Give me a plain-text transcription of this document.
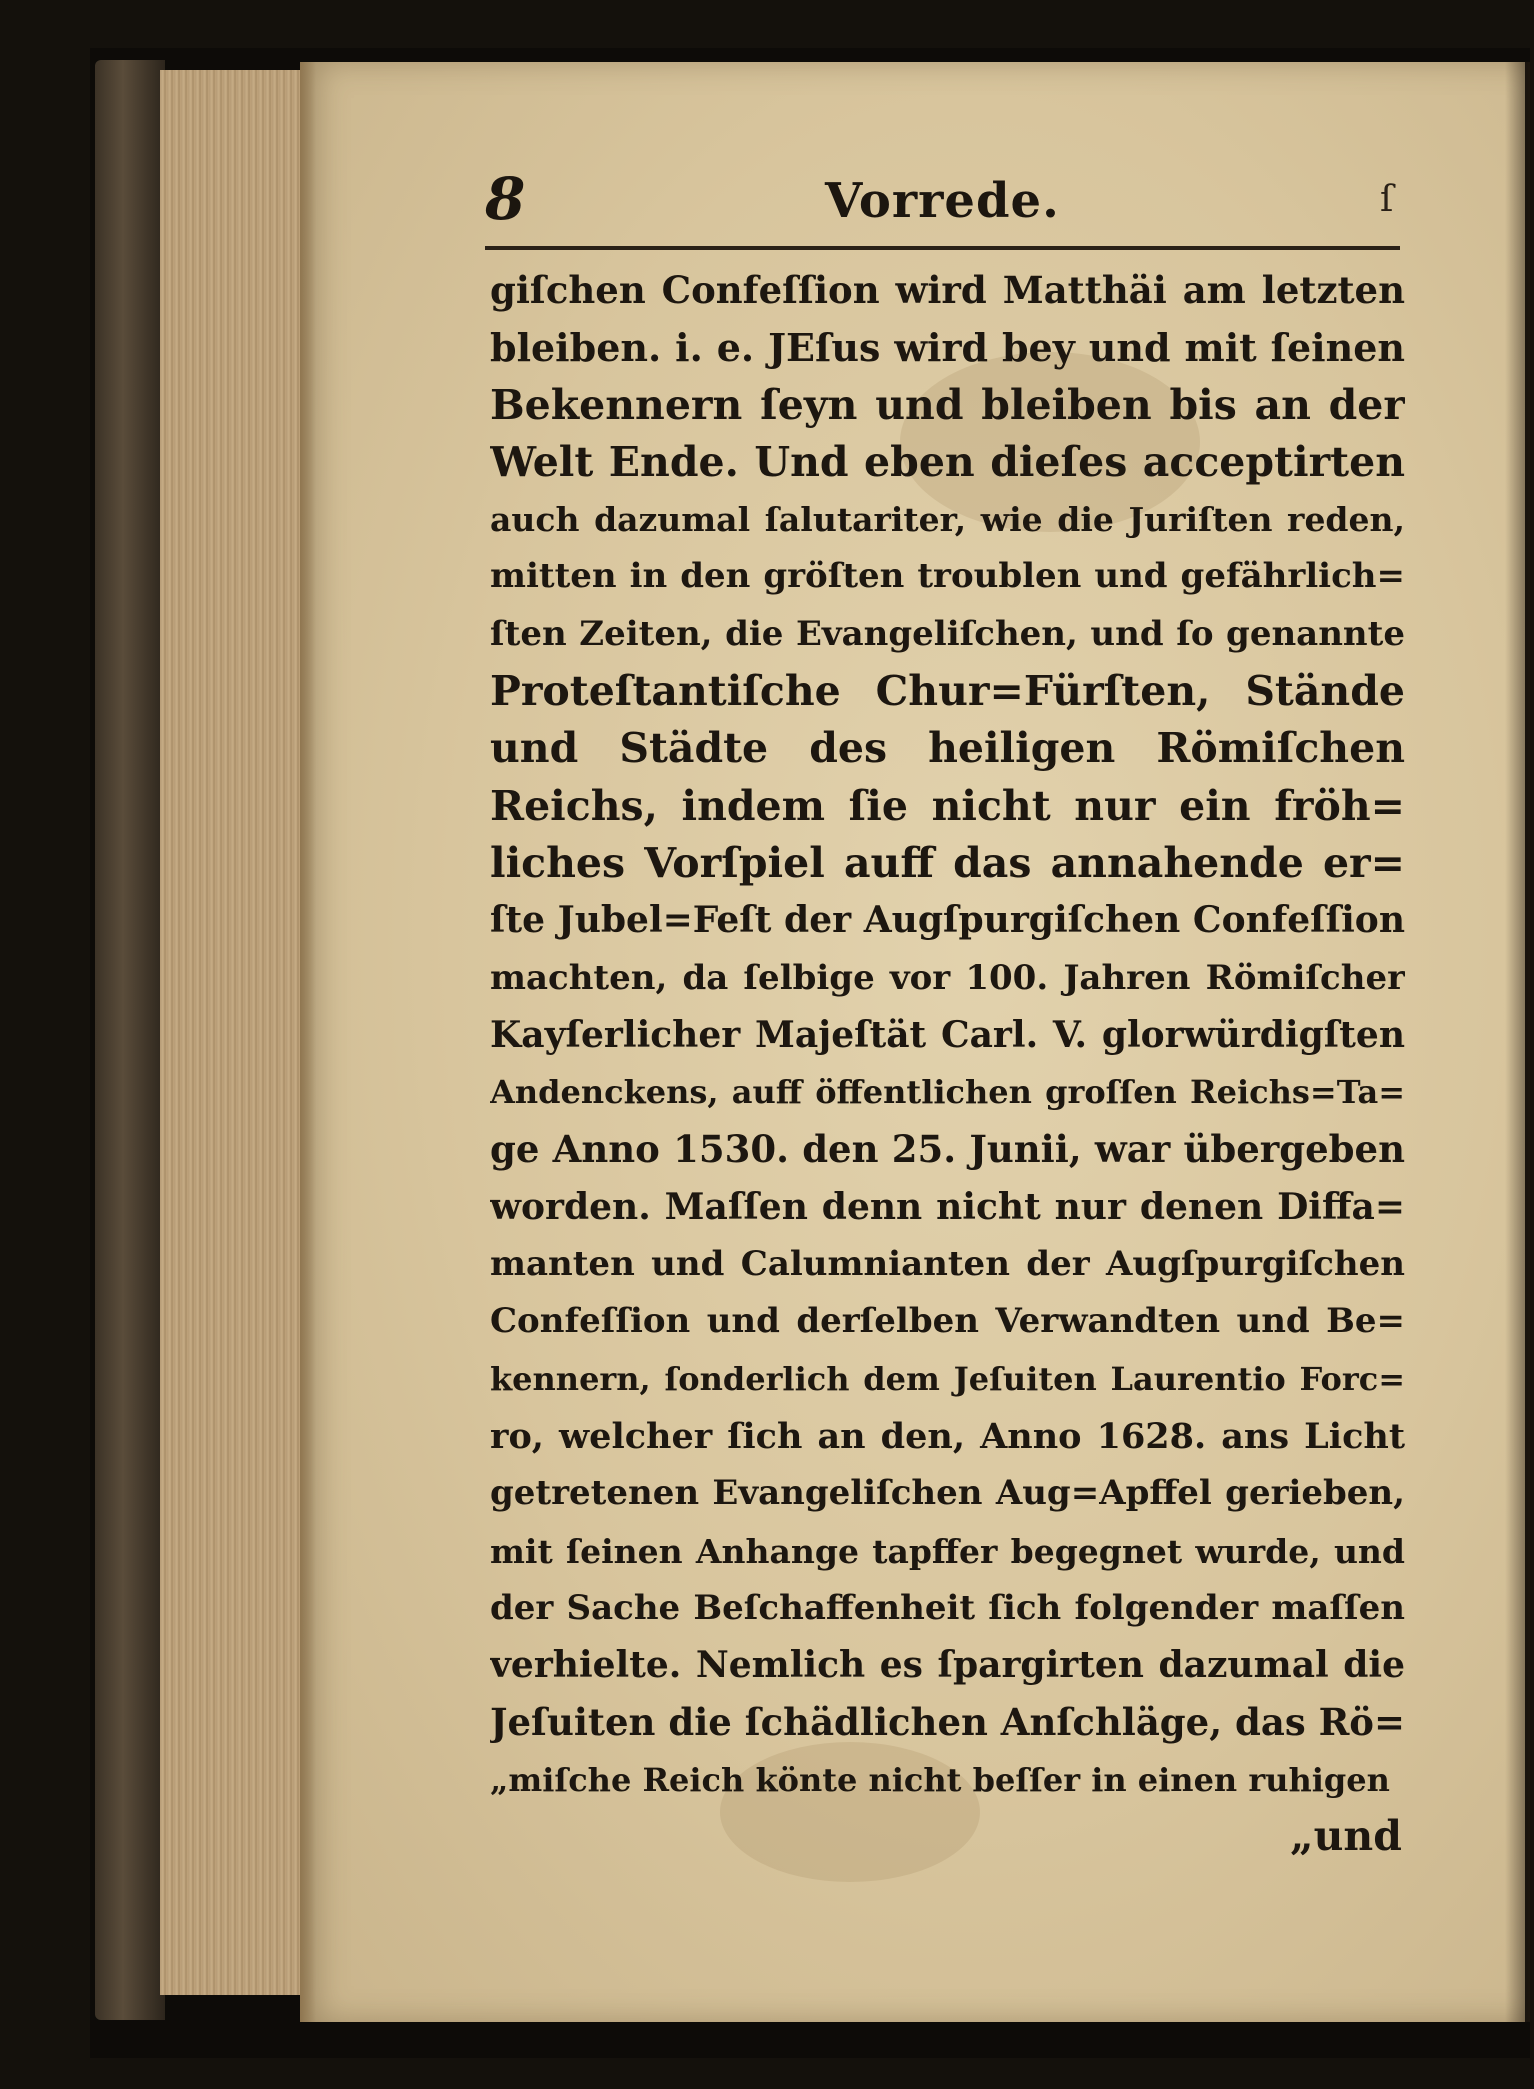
8	Vorrede.	ſ
giſchen Confeſſion wird Matthäi am letzten
bleiben. i. e. JEſus wird bey und mit ſeinen
Bekennern ſeyn und bleiben bis an der
Welt Ende. Und eben dieſes acceptirten
auch dazumal ſalutariter, wie die Juriſten reden,
mitten in den gröſten troublen und gefährlich=
ſten Zeiten, die Evangeliſchen, und ſo genannte
Proteſtantiſche Chur=Fürſten, Stände
und Städte des heiligen Römiſchen
Reichs, indem ſie nicht nur ein fröh=
liches Vorſpiel auff das annahende er=
ſte Jubel=Feſt der Augſpurgiſchen Confeſſion
machten, da ſelbige vor 100. Jahren Römiſcher
Kayſerlicher Majeſtät Carl. V. glorwürdigſten
Andenckens, auff öffentlichen groſſen Reichs=Ta=
ge Anno 1530. den 25. Junii, war übergeben
worden. Maſſen denn nicht nur denen Diffa=
manten und Calumnianten der Augſpurgiſchen
Confeſſion und derſelben Verwandten und Be=
kennern, ſonderlich dem Jeſuiten Laurentio Forc=
ro, welcher ſich an den, Anno 1628. ans Licht
getretenen Evangeliſchen Aug=Apffel gerieben,
mit ſeinen Anhange tapffer begegnet wurde, und
der Sache Beſchaffenheit ſich folgender maſſen
verhielte. Nemlich es ſpargirten dazumal die
Jeſuiten die ſchädlichen Anſchläge, das Rö=
„miſche Reich könte nicht beſſer in einen ruhigen
„und
